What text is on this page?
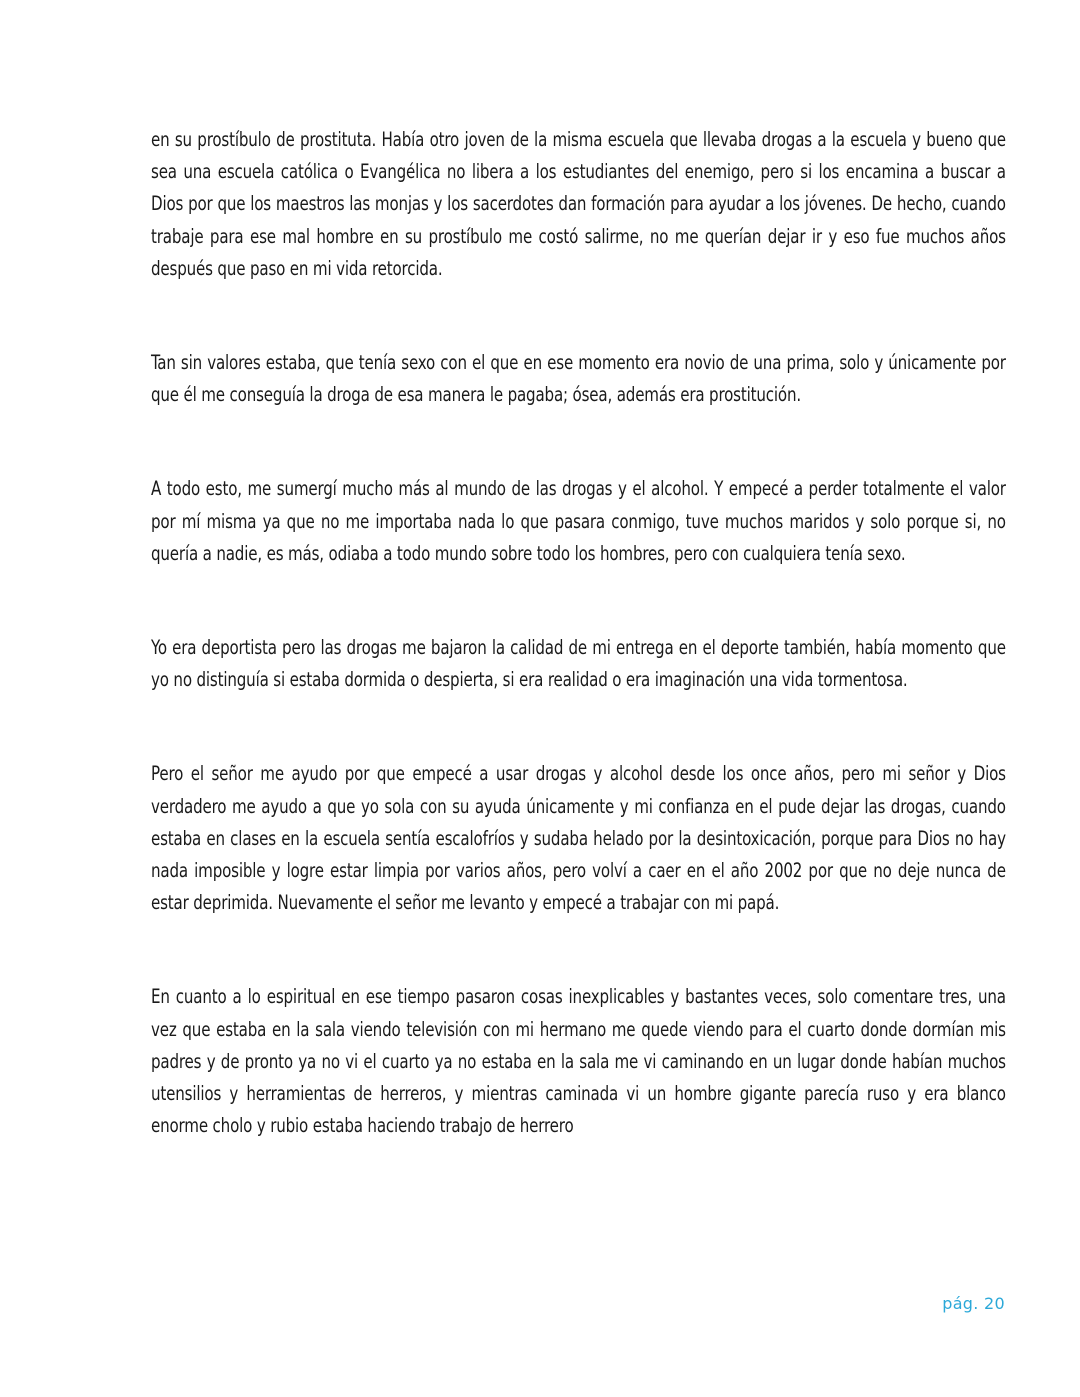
en su prostíbulo de prostituta. Había otro joven de la misma escuela que llevaba drogas a la escuela y bueno que sea una escuela católica o Evangélica no libera a los estudiantes del enemigo, pero si los encamina a buscar a Dios por que los maestros las monjas y los sacerdotes dan formación para ayudar a los jóvenes. De hecho, cuando trabaje para ese mal hombre en su prostíbulo me costó salirme, no me querían dejar ir y eso fue muchos años después que paso en mi vida retorcida.

Tan sin valores estaba, que tenía sexo con el que en ese momento era novio de una prima, solo y únicamente por que él me conseguía la droga de esa manera le pagaba; ósea, además era prostitución.

A todo esto, me sumergí mucho más al mundo de las drogas y el alcohol. Y empecé a perder totalmente el valor por mí misma ya que no me importaba nada lo que pasara conmigo, tuve muchos maridos y solo porque si, no quería a nadie, es más, odiaba a todo mundo sobre todo los hombres, pero con cualquiera tenía sexo.

Yo era deportista pero las drogas me bajaron la calidad de mi entrega en el deporte también, había momento que yo no distinguía si estaba dormida o despierta, si era realidad o era imaginación una vida tormentosa.

Pero el señor me ayudo por que empecé a usar drogas y alcohol desde los once años, pero mi señor y Dios verdadero me ayudo a que yo sola con su ayuda únicamente y mi confianza en el pude dejar las drogas, cuando estaba en clases en la escuela sentía escalofríos y sudaba helado por la desintoxicación, porque para Dios no hay nada imposible y logre estar limpia por varios años, pero volví a caer en el año 2002 por que no deje nunca de estar deprimida. Nuevamente el señor me levanto y empecé a trabajar con mi papá.

En cuanto a lo espiritual en ese tiempo pasaron cosas inexplicables y bastantes veces, solo comentare tres, una vez que estaba en la sala viendo televisión con mi hermano me quede viendo para el cuarto donde dormían mis padres y de pronto ya no vi el cuarto ya no estaba en la sala me vi caminando en un lugar donde habían muchos utensilios y herramientas de herreros, y mientras caminada vi un hombre gigante parecía ruso y era blanco enorme cholo y rubio estaba haciendo trabajo de herrero

pág. 20
